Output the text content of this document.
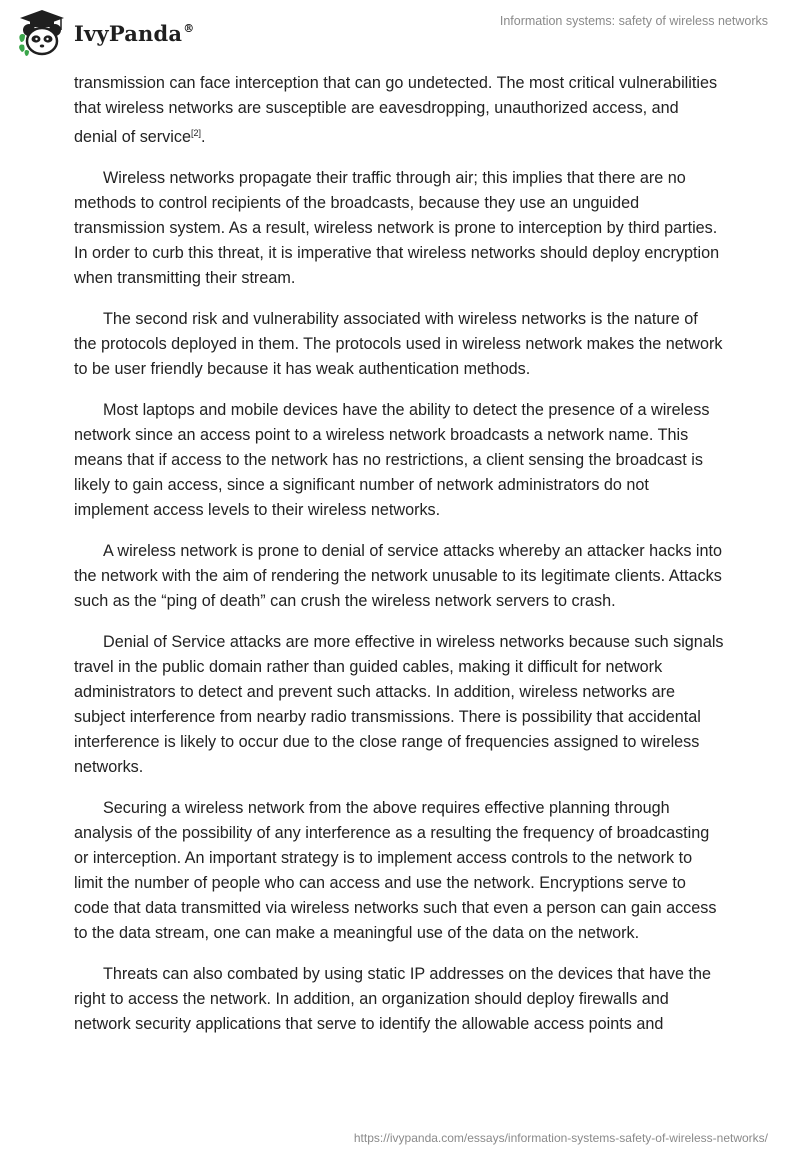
IvyPanda®	Information systems: safety of wireless networks

transmission can face interception that can go undetected. The most critical vulnerabilities that wireless networks are susceptible are eavesdropping, unauthorized access, and denial of service[2].

Wireless networks propagate their traffic through air; this implies that there are no methods to control recipients of the broadcasts, because they use an unguided transmission system. As a result, wireless network is prone to interception by third parties. In order to curb this threat, it is imperative that wireless networks should deploy encryption when transmitting their stream.

The second risk and vulnerability associated with wireless networks is the nature of the protocols deployed in them. The protocols used in wireless network makes the network to be user friendly because it has weak authentication methods.

Most laptops and mobile devices have the ability to detect the presence of a wireless network since an access point to a wireless network broadcasts a network name. This means that if access to the network has no restrictions, a client sensing the broadcast is likely to gain access, since a significant number of network administrators do not implement access levels to their wireless networks.

A wireless network is prone to denial of service attacks whereby an attacker hacks into the network with the aim of rendering the network unusable to its legitimate clients. Attacks such as the “ping of death” can crush the wireless network servers to crash.

Denial of Service attacks are more effective in wireless networks because such signals travel in the public domain rather than guided cables, making it difficult for network administrators to detect and prevent such attacks. In addition, wireless networks are subject interference from nearby radio transmissions. There is possibility that accidental interference is likely to occur due to the close range of frequencies assigned to wireless networks.

Securing a wireless network from the above requires effective planning through analysis of the possibility of any interference as a resulting the frequency of broadcasting or interception. An important strategy is to implement access controls to the network to limit the number of people who can access and use the network. Encryptions serve to code that data transmitted via wireless networks such that even a person can gain access to the data stream, one can make a meaningful use of the data on the network.

Threats can also combated by using static IP addresses on the devices that have the right to access the network. In addition, an organization should deploy firewalls and network security applications that serve to identify the allowable access points and

https://ivypanda.com/essays/information-systems-safety-of-wireless-networks/
